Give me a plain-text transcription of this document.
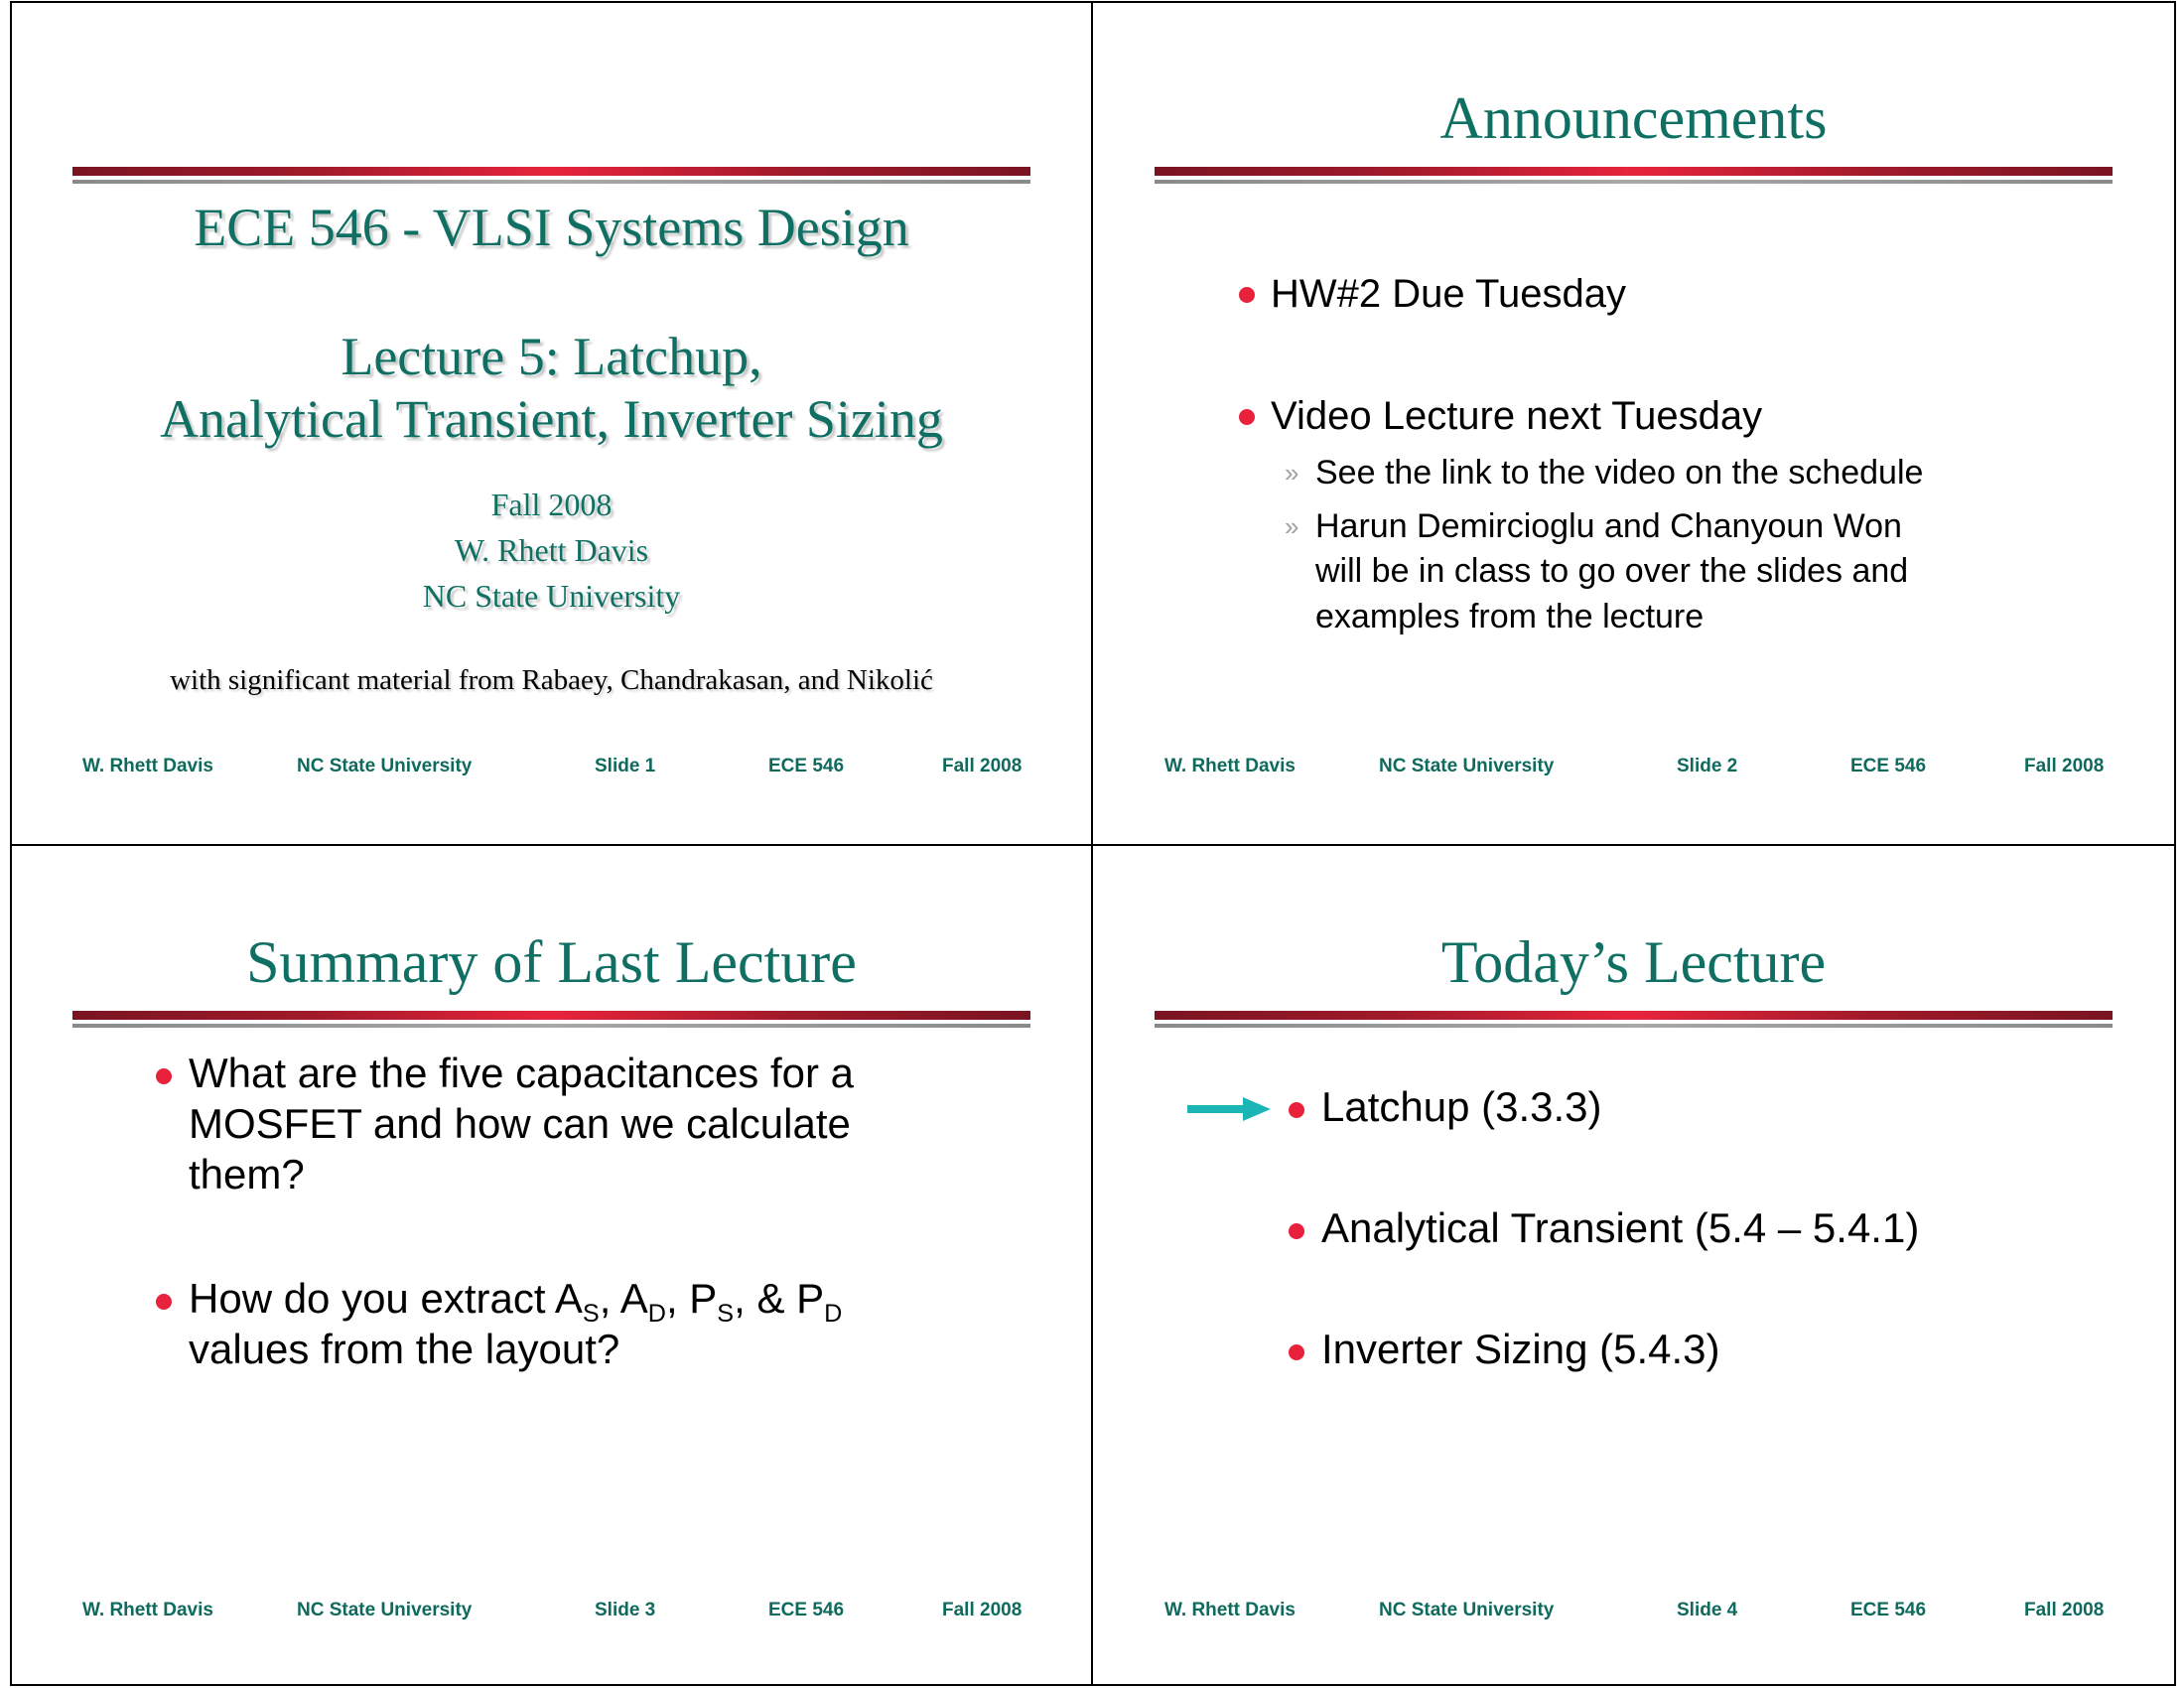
ECE 546 - VLSI Systems Design
Lecture 5: Latchup,
Analytical Transient, Inverter Sizing
Fall 2008
W. Rhett Davis
NC State University
with significant material from Rabaey, Chandrakasan, and Nikolić
W. Rhett Davis	NC State University	Slide 1	ECE 546	Fall 2008
Announcements
HW#2 Due Tuesday
Video Lecture next Tuesday
» See the link to the video on the schedule
» Harun Demircioglu and Chanyoun Won
will be in class to go over the slides and
examples from the lecture
W. Rhett Davis	NC State University	Slide 2	ECE 546	Fall 2008
Summary of Last Lecture
What are the five capacitances for a
MOSFET and how can we calculate
them?
How do you extract $A_S$, $A_D$, $P_S$, & $P_D$
values from the layout?
W. Rhett Davis	NC State University	Slide 3	ECE 546	Fall 2008
Today’s Lecture
Latchup (3.3.3)
Analytical Transient (5.4 – 5.4.1)
Inverter Sizing (5.4.3)
W. Rhett Davis	NC State University	Slide 4	ECE 546	Fall 2008
